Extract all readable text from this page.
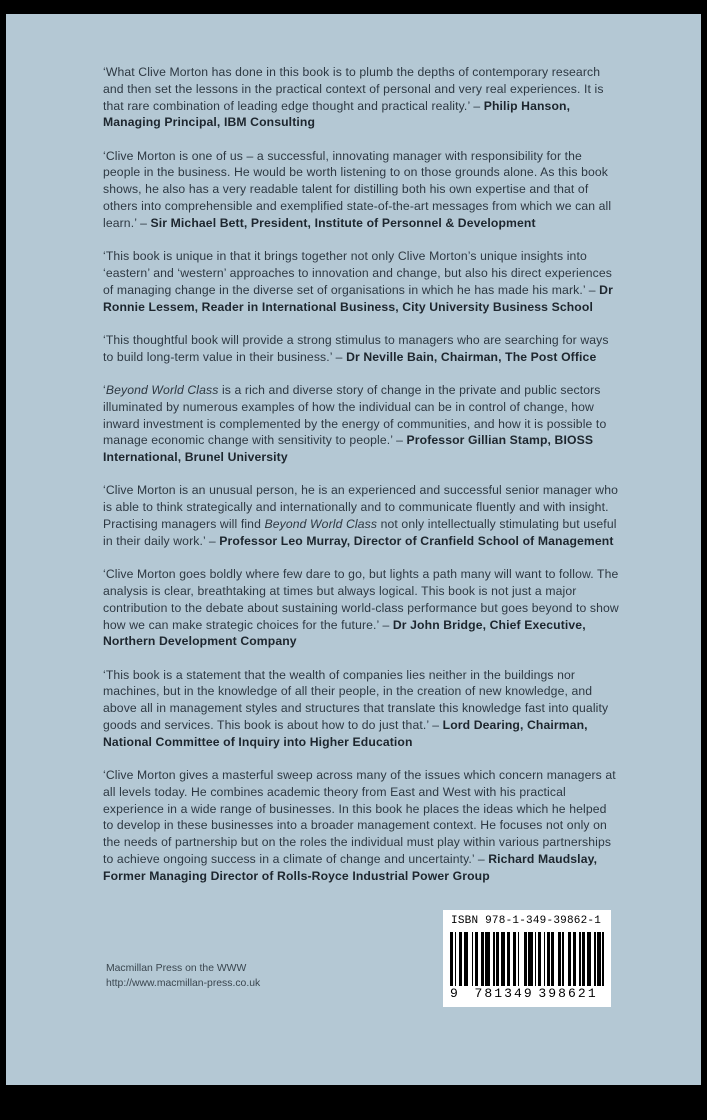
‘What Clive Morton has done in this book is to plumb the depths of contemporary research and then set the lessons in the practical context of personal and very real experiences. It is that rare combination of leading edge thought and practical reality.’ – Philip Hanson, Managing Principal, IBM Consulting

‘Clive Morton is one of us – a successful, innovating manager with responsibility for the people in the business. He would be worth listening to on those grounds alone. As this book shows, he also has a very readable talent for distilling both his own expertise and that of others into comprehensible and exemplified state-of-the-art messages from which we can all learn.’ – Sir Michael Bett, President, Institute of Personnel & Development

‘This book is unique in that it brings together not only Clive Morton’s unique insights into ‘eastern’ and ‘western’ approaches to innovation and change, but also his direct experiences of managing change in the diverse set of organisations in which he has made his mark.’ – Dr Ronnie Lessem, Reader in International Business, City University Business School

‘This thoughtful book will provide a strong stimulus to managers who are searching for ways to build long-term value in their business.’ – Dr Neville Bain, Chairman, The Post Office

‘Beyond World Class is a rich and diverse story of change in the private and public sectors illuminated by numerous examples of how the individual can be in control of change, how inward investment is complemented by the energy of communities, and how it is possible to manage economic change with sensitivity to people.’ – Professor Gillian Stamp, BIOSS International, Brunel University

‘Clive Morton is an unusual person, he is an experienced and successful senior manager who is able to think strategically and internationally and to communicate fluently and with insight. Practising managers will find Beyond World Class not only intellectually stimulating but useful in their daily work.’ – Professor Leo Murray, Director of Cranfield School of Management

‘Clive Morton goes boldly where few dare to go, but lights a path many will want to follow. The analysis is clear, breathtaking at times but always logical. This book is not just a major contribution to the debate about sustaining world-class performance but goes beyond to show how we can make strategic choices for the future.’ – Dr John Bridge, Chief Executive, Northern Development Company

‘This book is a statement that the wealth of companies lies neither in the buildings nor machines, but in the knowledge of all their people, in the creation of new knowledge, and above all in management styles and structures that translate this knowledge fast into quality goods and services. This book is about how to do just that.’ – Lord Dearing, Chairman, National Committee of Inquiry into Higher Education

‘Clive Morton gives a masterful sweep across many of the issues which concern managers at all levels today. He combines academic theory from East and West with his practical experience in a wide range of businesses. In this book he places the ideas which he helped to develop in these businesses into a broader management context. He focuses not only on the needs of partnership but on the roles the individual must play within various partnerships to achieve ongoing success in a climate of change and uncertainty.’ – Richard Maudslay, Former Managing Director of Rolls-Royce Industrial Power Group

Macmillan Press on the WWW
http://www.macmillan-press.co.uk
ISBN 978-1-349-39862-1
9  781349 398621
